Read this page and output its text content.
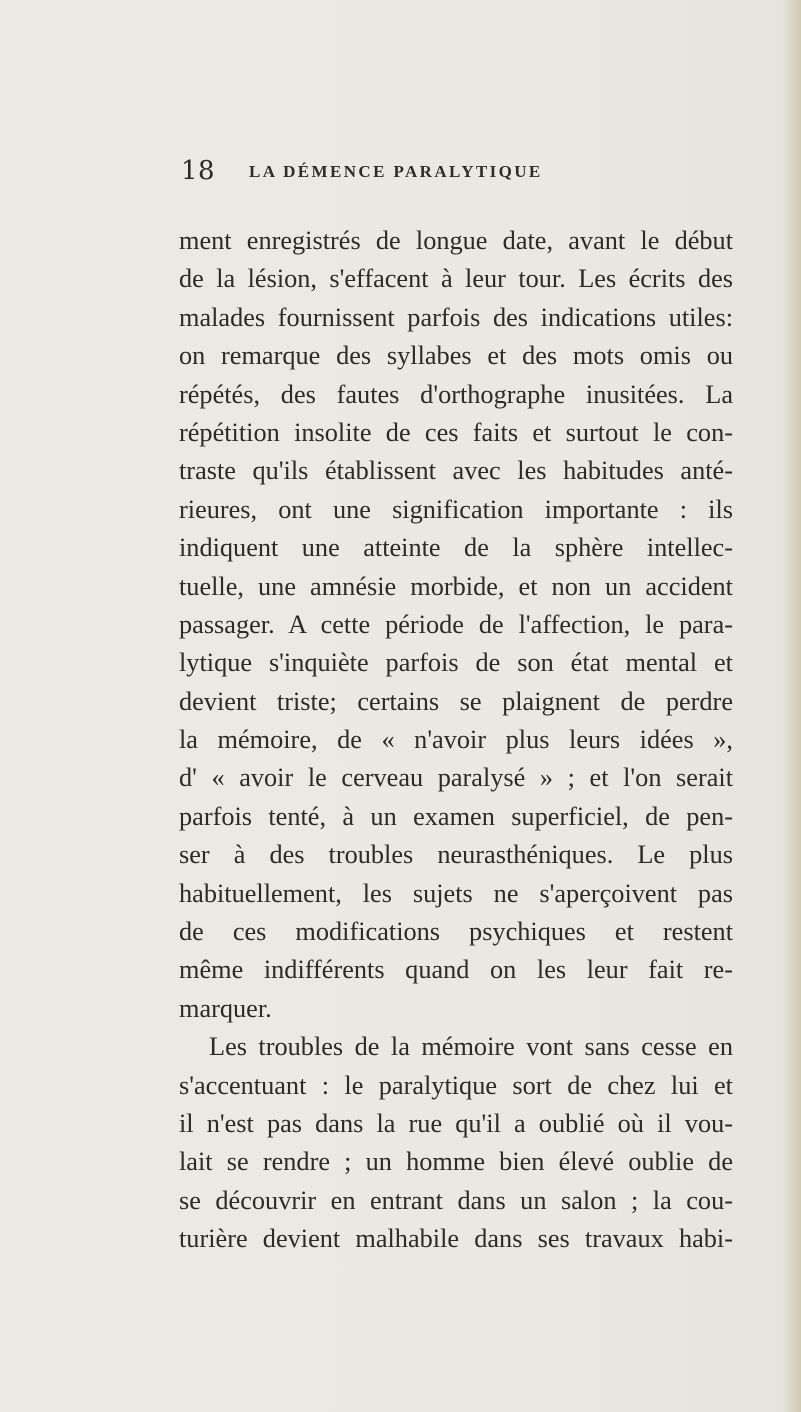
18 LA DÉMENCE PARALYTIQUE
ment enregistrés de longue date, avant le début
de la lésion, s'effacent à leur tour. Les écrits des
malades fournissent parfois des indications utiles:
on remarque des syllabes et des mots omis ou
répétés, des fautes d'orthographe inusitées. La
répétition insolite de ces faits et surtout le con-
traste qu'ils établissent avec les habitudes anté-
rieures, ont une signification importante : ils
indiquent une atteinte de la sphère intellec-
tuelle, une amnésie morbide, et non un accident
passager. A cette période de l'affection, le para-
lytique s'inquiète parfois de son état mental et
devient triste; certains se plaignent de perdre
la mémoire, de « n'avoir plus leurs idées »,
d' « avoir le cerveau paralysé » ; et l'on serait
parfois tenté, à un examen superficiel, de pen-
ser à des troubles neurasthéniques. Le plus
habituellement, les sujets ne s'aperçoivent pas
de ces modifications psychiques et restent
même indifférents quand on les leur fait re-
marquer.
Les troubles de la mémoire vont sans cesse en
s'accentuant : le paralytique sort de chez lui et
il n'est pas dans la rue qu'il a oublié où il vou-
lait se rendre ; un homme bien élevé oublie de
se découvrir en entrant dans un salon ; la cou-
turière devient malhabile dans ses travaux habi-
